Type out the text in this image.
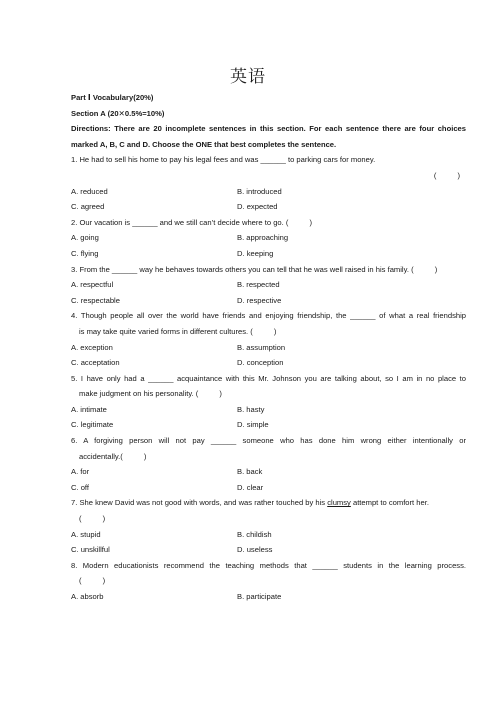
英语
Part Ⅰ Vocabulary(20%)
Section A (20✕0.5%=10%)
Directions: There are 20 incomplete sentences in this section. For each sentence there are four choices
marked A, B, C and D. Choose the ONE that best completes the sentence.
1. He had to sell his home to pay his legal fees and was ______ to parking cars for money.
(          )
A. reduced	B. introduced
C. agreed	D. expected
2. Our vacation is ______ and we still can’t decide where to go. (          )
A. going	B. approaching
C. flying	D. keeping
3. From the ______ way he behaves towards others you can tell that he was well raised in his family. (          )
A. respectful	B. respected
C. respectable	D. respective
4. Though people all over the world have friends and enjoying friendship, the ______ of what a real friendship
is may take quite varied forms in different cultures. (          )
A. exception	B. assumption
C. acceptation	D. conception
5. I have only had a ______ acquaintance with this Mr. Johnson you are talking about, so I am in no place to
make judgment on his personality. (          )
A. intimate	B. hasty
C. legitimate	D. simple
6. A forgiving person will not pay ______ someone who has done him wrong either intentionally or
accidentally.(          )
A. for	B. back
C. off	D. clear
7. She knew David was not good with words, and was rather touched by his clumsy attempt to comfort her.
(          )
A. stupid	B. childish
C. unskillful	D. useless
8. Modern educationists recommend the teaching methods that ______ students in the learning process.
(          )
A. absorb	B. participate
